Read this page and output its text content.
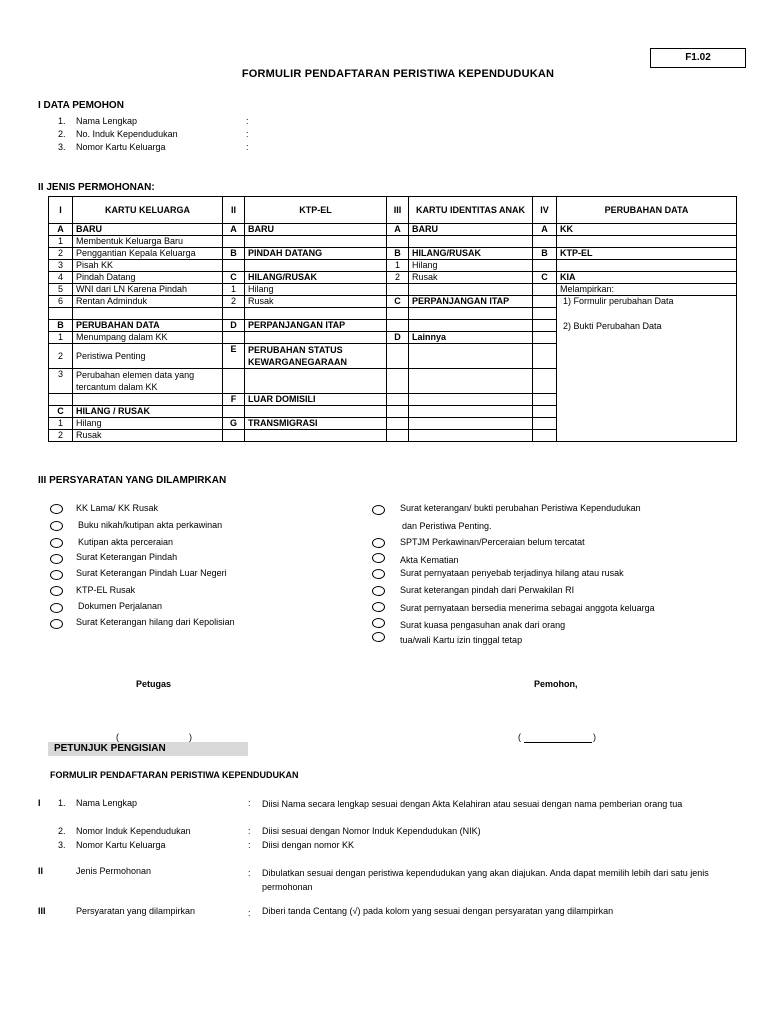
F1.02
FORMULIR PENDAFTARAN PERISTIWA KEPENDUDUKAN
I DATA PEMOHON
1. Nama Lengkap	:
2. No. Induk Kependudukan	:
3. Nomor Kartu Keluarga	:
II JENIS PERMOHONAN:
I	KARTU KELUARGA	II	KTP-EL	III	KARTU IDENTITAS ANAK	IV	PERUBAHAN DATA	
A	BARU	A	BARU	A	BARU	A	KK	
1	Membentuk Keluarga Baru							
2	Penggantian Kepala Keluarga	B	PINDAH DATANG	B	HILANG/RUSAK	B	KTP-EL	
3	Pisah KK			1	Hilang			
4	Pindah Datang	C	HILANG/RUSAK	2	Rusak	C	KIA	
5	WNI dari LN Karena Pindah	1	Hilang				Melampirkan:	
6	Rentan Adminduk	2	Rusak	C	PERPANJANGAN ITAP		1) Formulir perubahan Data
2) Bukti Perubahan Data	

B	PERUBAHAN DATA	D	PERPANJANGAN ITAP					
1	Menumpang dalam KK			D	Lainnya			
2	Peristiwa Penting	E	PERUBAHAN STATUS KEWARGANEGARAAN					
3	Perubahan elemen data yang tercantum dalam KK							
		F	LUAR DOMISILI					
C	HILANG / RUSAK							
1	Hilang	G	TRANSMIGRASI					
2	Rusak							
III PERSYARATAN YANG DILAMPIRKAN
KK Lama/ KK Rusak
Buku nikah/kutipan akta perkawinan
Kutipan akta perceraian
Surat Keterangan Pindah
Surat Keterangan Pindah Luar Negeri
KTP-EL Rusak
Dokumen Perjalanan
Surat Keterangan hilang dari Kepolisian
Surat keterangan/ bukti perubahan Peristiwa Kependudukan
dan Peristiwa Penting.
SPTJM Perkawinan/Perceraian belum tercatat
Akta Kematian
Surat pernyataan penyebab terjadinya hilang atau rusak
Surat keterangan pindah dari Perwakilan RI
Surat pernyataan bersedia menerima sebagai anggota keluarga
Surat kuasa pengasuhan anak dari orang
tua/wali Kartu izin tinggal tetap
Petugas	Pemohon,
(	)	(	)
PETUNJUK PENGISIAN
FORMULIR PENDAFTARAN PERISTIWA KEPENDUDUKAN
I 1. Nama Lengkap	: Diisi Nama secara lengkap sesuai dengan Akta Kelahiran atau sesuai dengan nama pemberian orang tua
2. Nomor Induk Kependudukan	: Diisi sesuai dengan Nomor Induk Kependudukan (NIK)
3. Nomor Kartu Keluarga	: Diisi dengan nomor KK
II	Jenis Permohonan	: Dibulatkan sesuai dengan peristiwa kependudukan yang akan diajukan. Anda dapat memilih lebih dari satu jenis permohonan
III	Persyaratan yang dilampirkan	: Diberi tanda Centang (√) pada kolom yang sesuai dengan persyaratan yang dilampirkan
